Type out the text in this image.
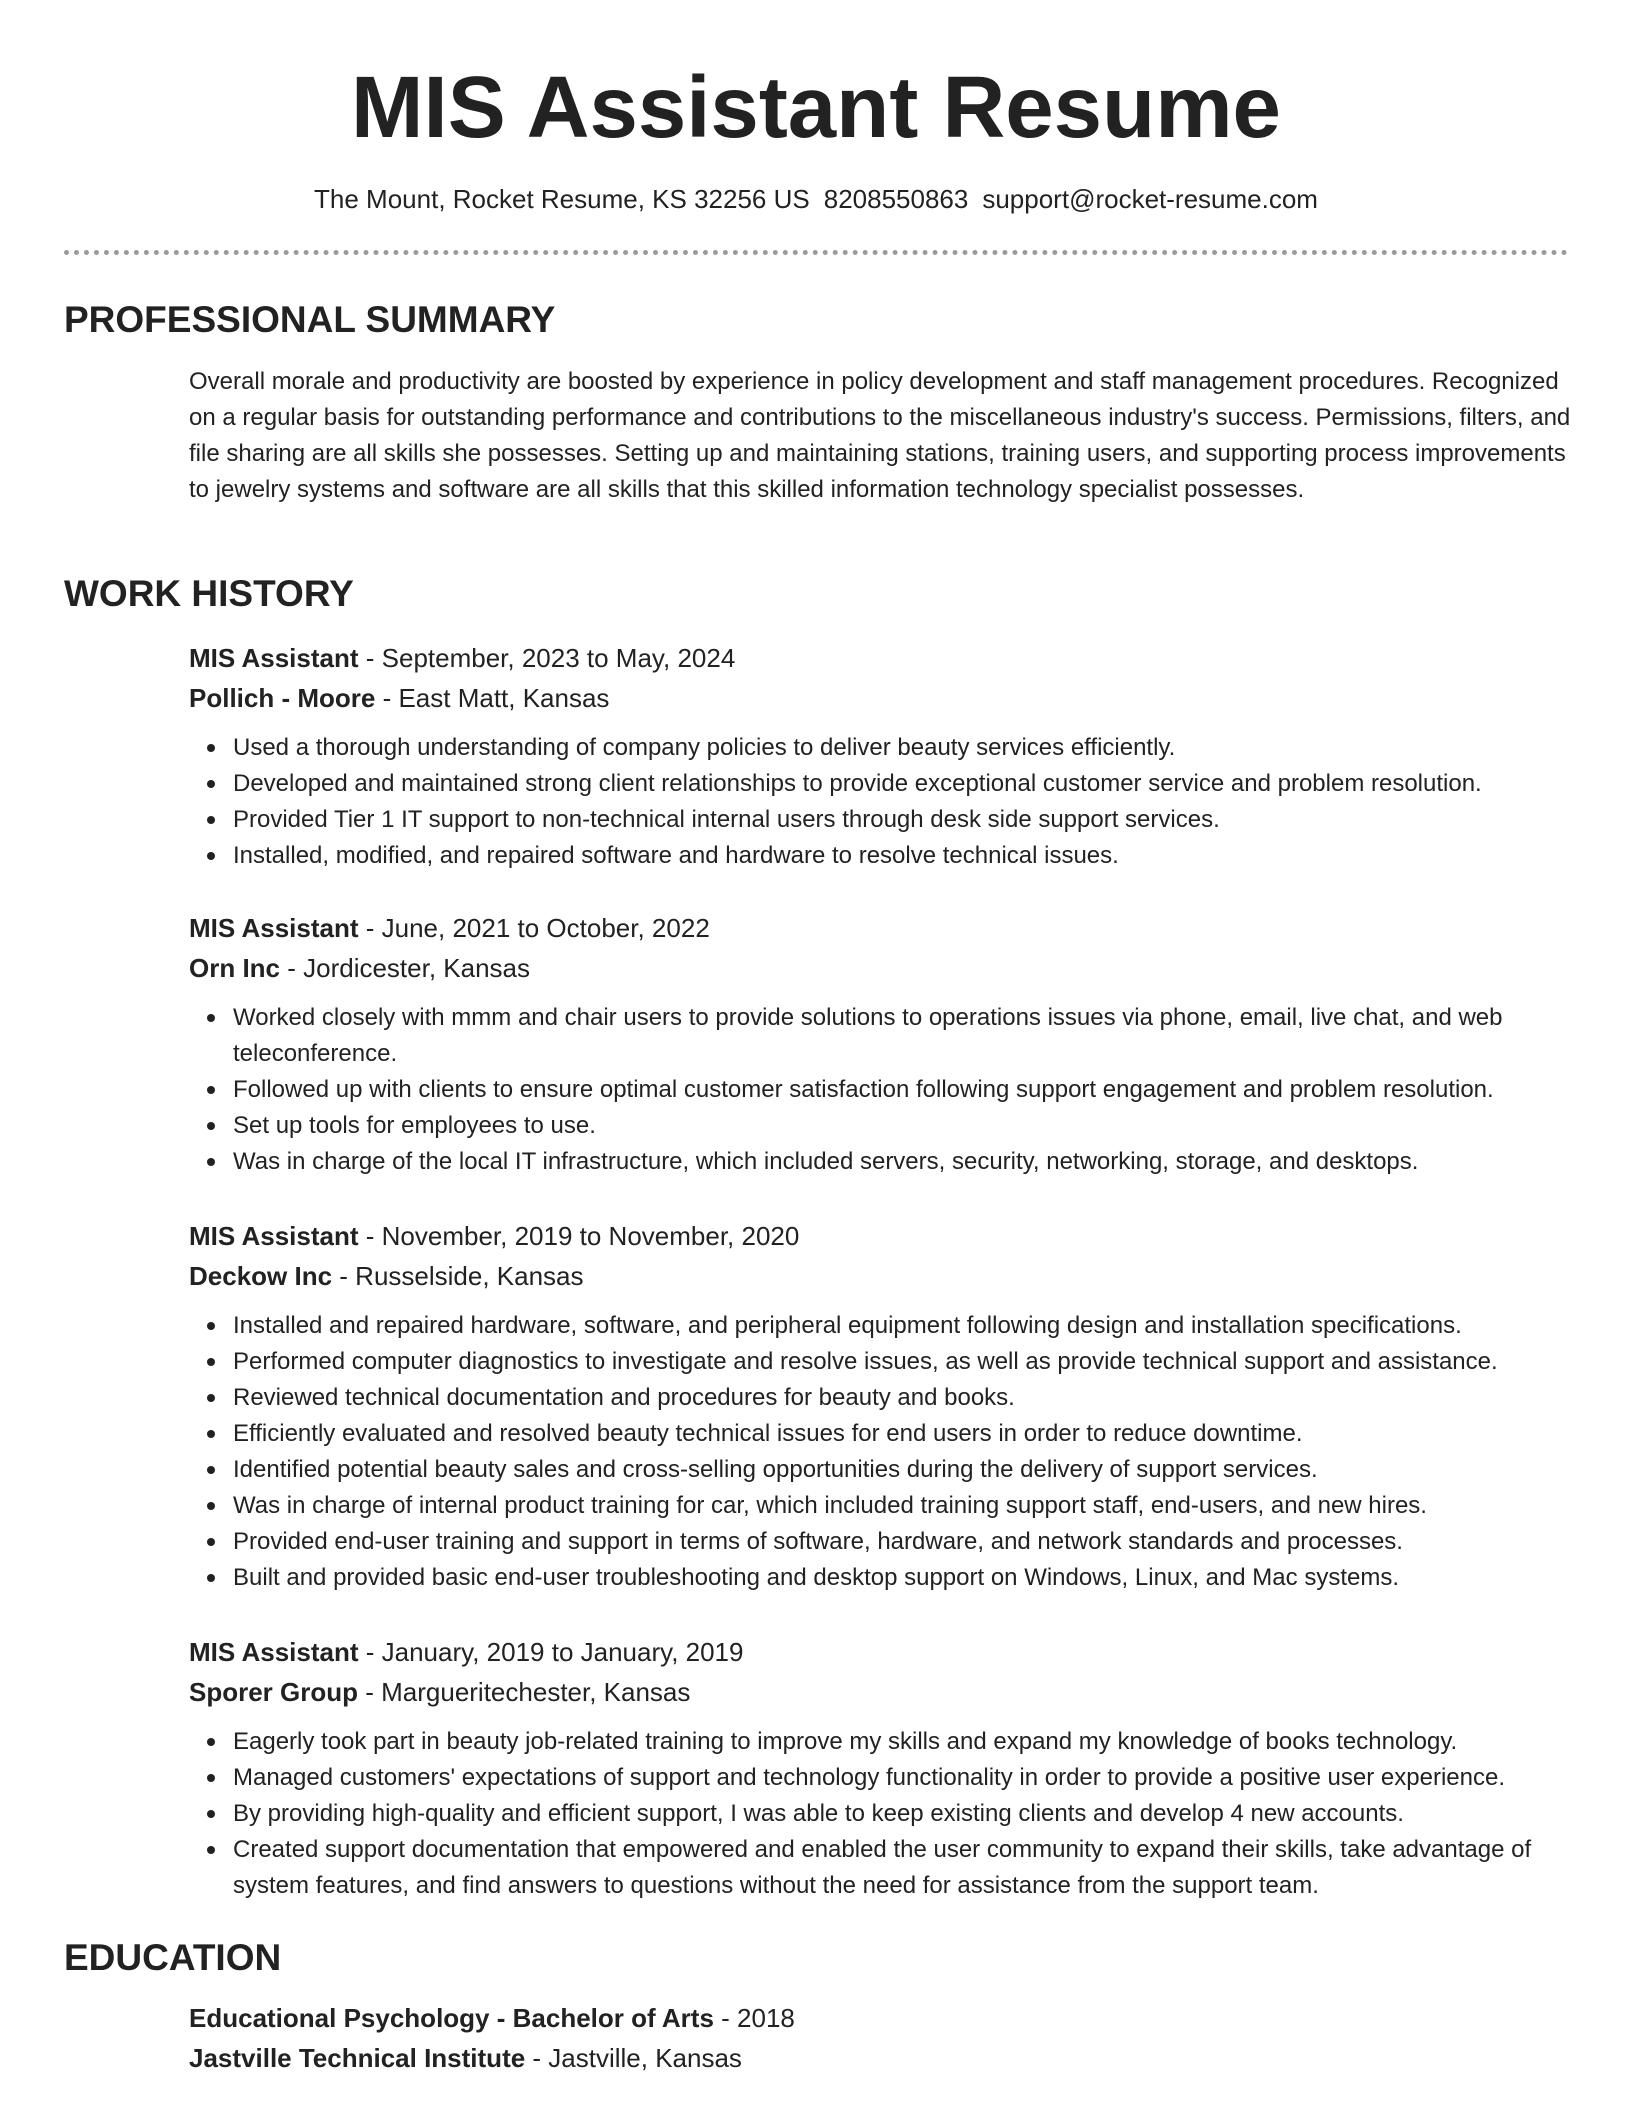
MIS Assistant Resume
The Mount, Rocket Resume, KS 32256 US 8208550863 support@rocket-resume.com
PROFESSIONAL SUMMARY
Overall morale and productivity are boosted by experience in policy development and staff management procedures. Recognized on a regular basis for outstanding performance and contributions to the miscellaneous industry's success. Permissions, filters, and file sharing are all skills she possesses. Setting up and maintaining stations, training users, and supporting process improvements to jewelry systems and software are all skills that this skilled information technology specialist possesses.
WORK HISTORY
MIS Assistant - September, 2023 to May, 2024
Pollich - Moore - East Matt, Kansas
Used a thorough understanding of company policies to deliver beauty services efficiently.
Developed and maintained strong client relationships to provide exceptional customer service and problem resolution.
Provided Tier 1 IT support to non-technical internal users through desk side support services.
Installed, modified, and repaired software and hardware to resolve technical issues.
MIS Assistant - June, 2021 to October, 2022
Orn Inc - Jordicester, Kansas
Worked closely with mmm and chair users to provide solutions to operations issues via phone, email, live chat, and web teleconference.
Followed up with clients to ensure optimal customer satisfaction following support engagement and problem resolution.
Set up tools for employees to use.
Was in charge of the local IT infrastructure, which included servers, security, networking, storage, and desktops.
MIS Assistant - November, 2019 to November, 2020
Deckow Inc - Russelside, Kansas
Installed and repaired hardware, software, and peripheral equipment following design and installation specifications.
Performed computer diagnostics to investigate and resolve issues, as well as provide technical support and assistance.
Reviewed technical documentation and procedures for beauty and books.
Efficiently evaluated and resolved beauty technical issues for end users in order to reduce downtime.
Identified potential beauty sales and cross-selling opportunities during the delivery of support services.
Was in charge of internal product training for car, which included training support staff, end-users, and new hires.
Provided end-user training and support in terms of software, hardware, and network standards and processes.
Built and provided basic end-user troubleshooting and desktop support on Windows, Linux, and Mac systems.
MIS Assistant - January, 2019 to January, 2019
Sporer Group - Margueritechester, Kansas
Eagerly took part in beauty job-related training to improve my skills and expand my knowledge of books technology.
Managed customers' expectations of support and technology functionality in order to provide a positive user experience.
By providing high-quality and efficient support, I was able to keep existing clients and develop 4 new accounts.
Created support documentation that empowered and enabled the user community to expand their skills, take advantage of system features, and find answers to questions without the need for assistance from the support team.
EDUCATION
Educational Psychology - Bachelor of Arts - 2018
Jastville Technical Institute - Jastville, Kansas
